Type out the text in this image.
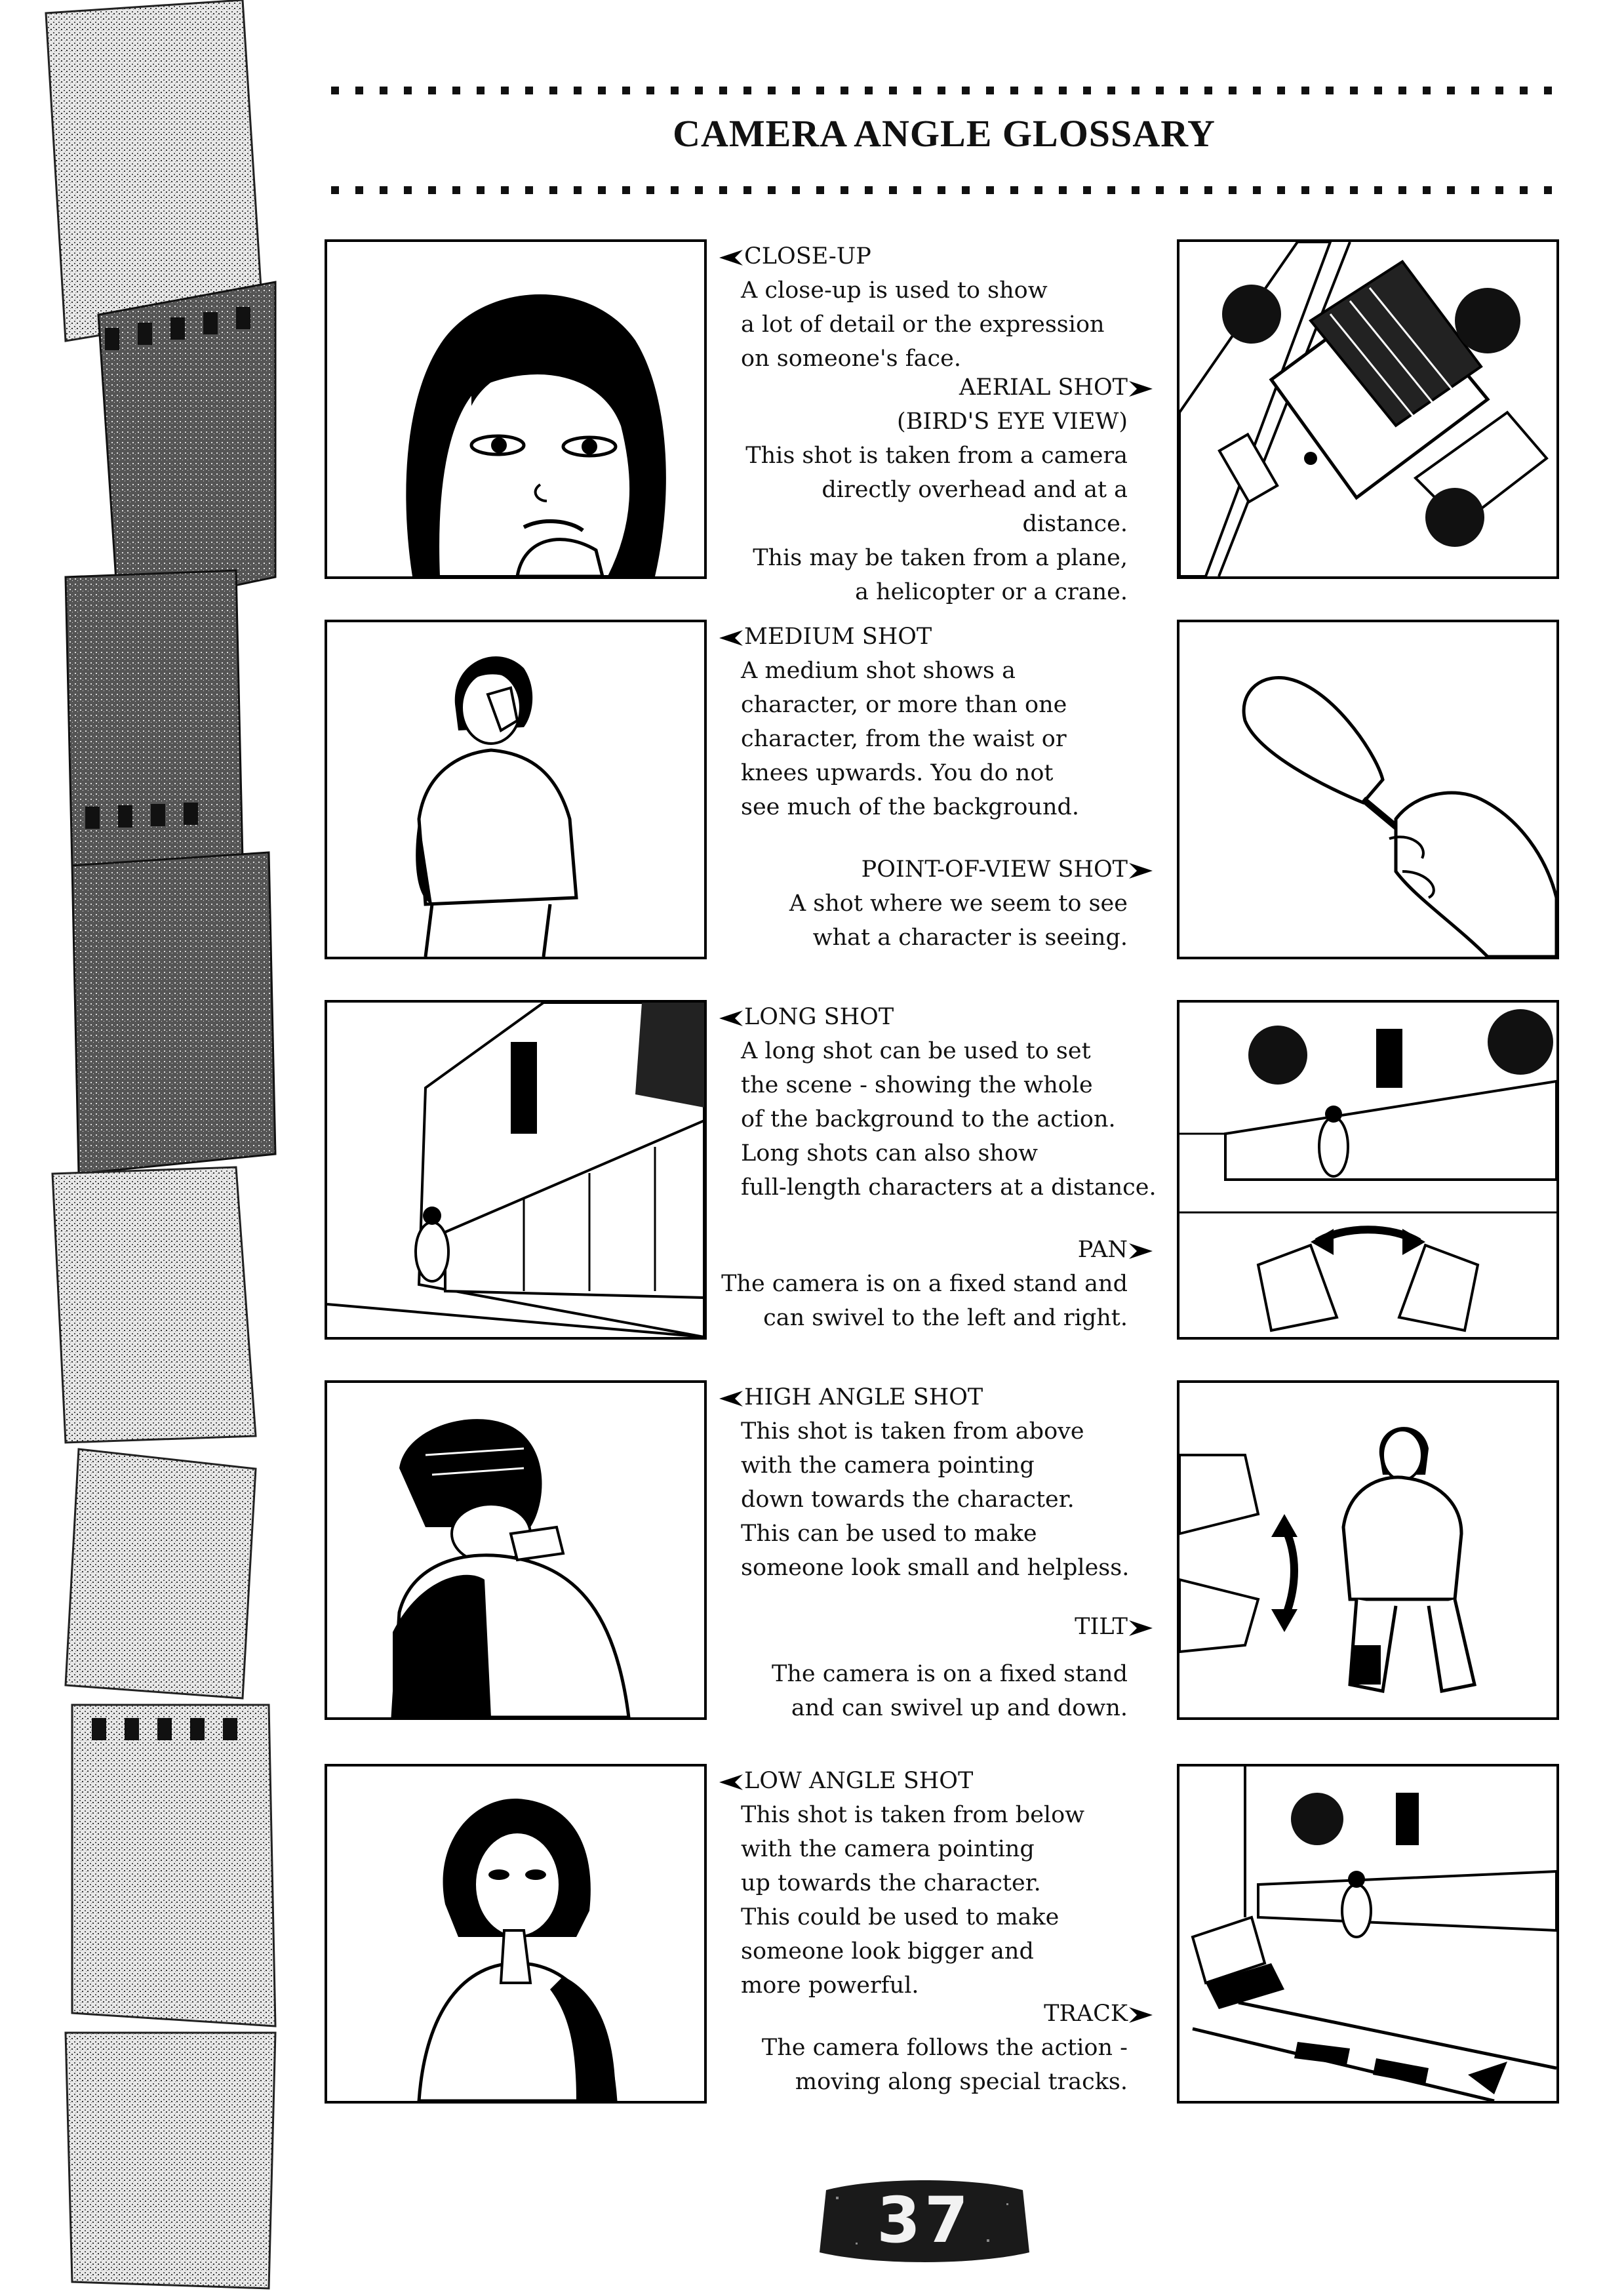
CAMERA ANGLE GLOSSARY
CLOSE-UP
A close-up is used to show
a lot of detail or the expression
on someone's face.
AERIAL SHOT
(BIRD'S EYE VIEW)
This shot is taken from a camera
directly overhead and at a distance.
This may be taken from a plane,
a helicopter or a crane.
MEDIUM SHOT
A medium shot shows a
character, or more than one
character, from the waist or
knees upwards. You do not
see much of the background.
POINT-OF-VIEW SHOT
A shot where we seem to see
what a character is seeing.
LONG SHOT
A long shot can be used to set
the scene - showing the whole
of the background to the action.
Long shots can also show
full-length characters at a distance.
PAN
The camera is on a fixed stand and
can swivel to the left and right.
HIGH ANGLE SHOT
This shot is taken from above
with the camera pointing
down towards the character.
This can be used to make
someone look small and helpless.
TILT
The camera is on a fixed stand
and can swivel up and down.
LOW ANGLE SHOT
This shot is taken from below
with the camera pointing
up towards the character.
This could be used to make
someone look bigger and
more powerful.
TRACK
The camera follows the action -
moving along special tracks.
37
